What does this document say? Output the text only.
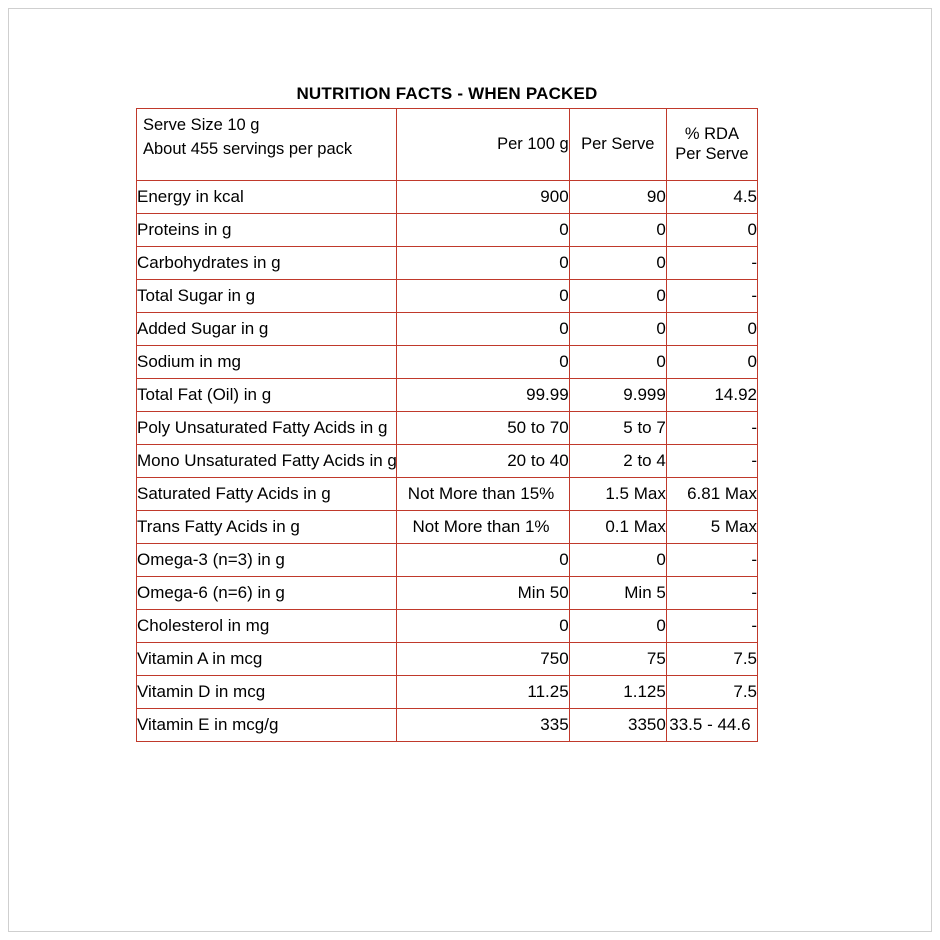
NUTRITION FACTS - WHEN PACKED
Serve Size 10 g
About 455 servings per pack	Per 100 g	Per Serve	% RDA
Per Serve

Energy in kcal	900	90	4.5
Proteins in g	0	0	0
Carbohydrates in g	0	0	-
Total Sugar in g	0	0	-
Added Sugar in g	0	0	0
Sodium in mg	0	0	0
Total Fat (Oil) in g	99.99	9.999	14.92
Poly Unsaturated Fatty Acids in g	50 to 70	5 to 7	-
Mono Unsaturated Fatty Acids in g	20 to 40	2 to 4	-
Saturated Fatty Acids in g	Not More than 15%	1.5 Max	6.81 Max
Trans Fatty Acids in g	Not More than 1%	0.1 Max	5 Max
Omega-3 (n=3) in g	0	0	-
Omega-6 (n=6) in g	Min 50	Min 5	-
Cholesterol in mg	0	0	-
Vitamin A in mcg	750	75	7.5
Vitamin D in mcg	11.25	1.125	7.5
Vitamin E in mcg/g	335	3350	33.5 - 44.6
